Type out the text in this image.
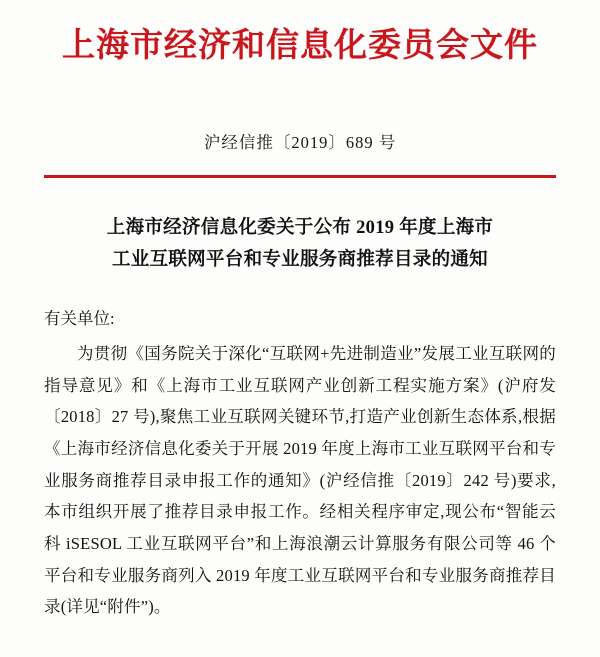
上海市经济和信息化委员会文件
沪经信推〔2019〕689 号
上海市经济信息化委关于公布 2019 年度上海市
工业互联网平台和专业服务商推荐目录的通知
有关单位:

为贯彻《国务院关于深化“互联网+先进制造业”发展工业互联网的指导意见》和《上海市工业互联网产业创新工程实施方案》(沪府发〔2018〕27 号),聚焦工业互联网关键环节,打造产业创新生态体系,根据《上海市经济信息化委关于开展 2019 年度上海市工业互联网平台和专业服务商推荐目录申报工作的通知》(沪经信推〔2019〕242 号)要求,本市组织开展了推荐目录申报工作。经相关程序审定,现公布“智能云科 iSESOL 工业互联网平台”和上海浪潮云计算服务有限公司等 46 个平台和专业服务商列入 2019 年度工业互联网平台和专业服务商推荐目录(详见“附件”)。
